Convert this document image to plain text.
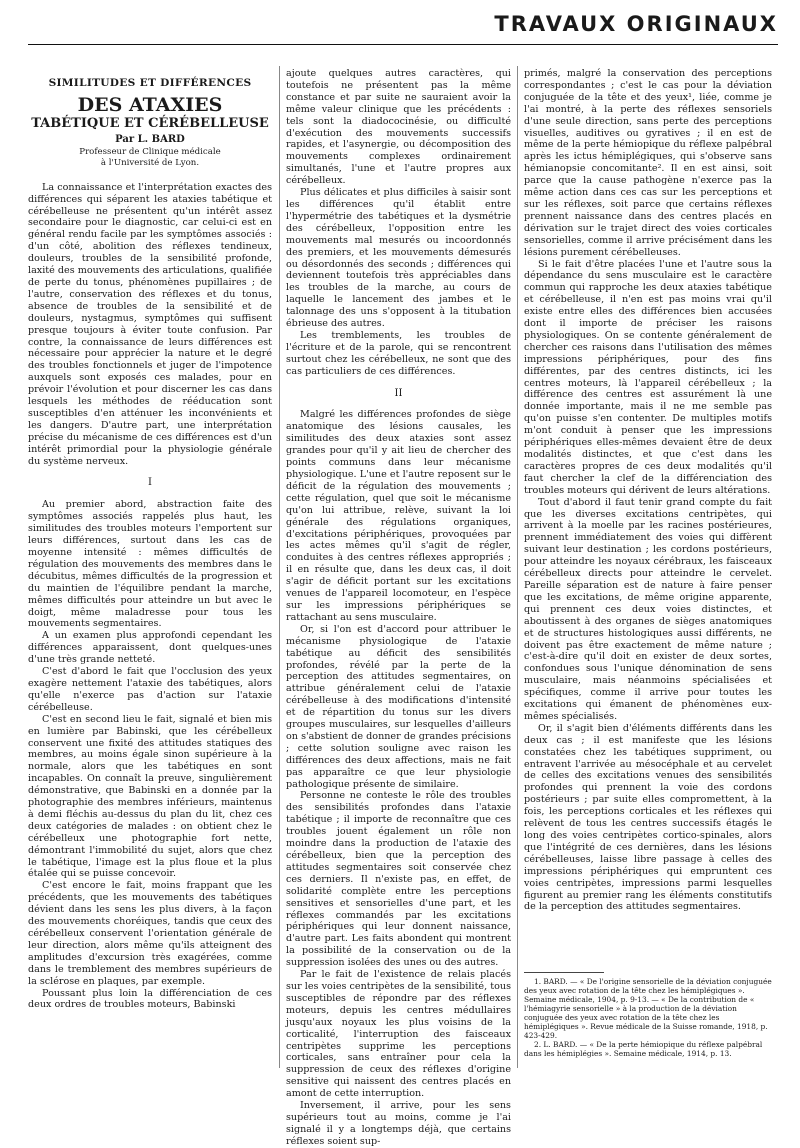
TRAVAUX ORIGINAUX
SIMILITUDES ET DIFFÉRENCES
DES ATAXIES
TABÉTIQUE ET CÉRÉBELLEUSE
Par L. BARD
Professeur de Clinique médicale
à l'Université de Lyon.

La connaissance et l'interprétation exactes des différences qui séparent les ataxies tabétique et cérébelleuse ne présentent qu'un intérêt assez secondaire pour le diagnostic, car celui-ci est en général rendu facile par les symptômes associés : d'un côté, abolition des réflexes tendineux, douleurs, troubles de la sensibilité profonde, laxité des mouvements des articulations, qualifiée de perte du tonus, phénomènes pupillaires ; de l'autre, conservation des réflexes et du tonus, absence de troubles de la sensibilité et de douleurs, nystagmus, symptômes qui suffisent presque toujours à éviter toute confusion. Par contre, la connaissance de leurs différences est nécessaire pour apprécier la nature et le degré des troubles fonctionnels et juger de l'impotence auxquels sont exposés ces malades, pour en prévoir l'évolution et pour discerner les cas dans lesquels les méthodes de rééducation sont susceptibles d'en atténuer les inconvénients et les dangers. D'autre part, une interprétation précise du mécanisme de ces différences est d'un intérêt primordial pour la physiologie générale du système nerveux.

I

Au premier abord, abstraction faite des symptômes associés rappelés plus haut, les similitudes des troubles moteurs l'emportent sur leurs différences, surtout dans les cas de moyenne intensité : mêmes difficultés de régulation des mouvements des membres dans le décubitus, mêmes difficultés de la progression et du maintien de l'équilibre pendant la marche, mêmes difficultés pour atteindre un but avec le doigt, même maladresse pour tous les mouvements segmentaires.

A un examen plus approfondi cependant les différences apparaissent, dont quelques-unes d'une très grande netteté.

C'est d'abord le fait que l'occlusion des yeux exagère nettement l'ataxie des tabétiques, alors qu'elle n'exerce pas d'action sur l'ataxie cérébelleuse.

C'est en second lieu le fait, signalé et bien mis en lumière par Babinski, que les cérébelleux conservent une fixité des attitudes statiques des membres, au moins égale sinon supérieure à la normale, alors que les tabétiques en sont incapables. On connaît la preuve, singulièrement démonstrative, que Babinski en a donnée par la photographie des membres inférieurs, maintenus à demi fléchis au-dessus du plan du lit, chez ces deux catégories de malades : on obtient chez le cérébelleux une photographie fort nette, démontrant l'immobilité du sujet, alors que chez le tabétique, l'image est la plus floue et la plus étalée qui se puisse concevoir.

C'est encore le fait, moins frappant que les précédents, que les mouvements des tabétiques dévient dans les sens les plus divers, à la façon des mouvements choréiques, tandis que ceux des cérébelleux conservent l'orientation générale de leur direction, alors même qu'ils atteignent des amplitudes d'excursion très exagérées, comme dans le tremblement des membres supérieurs de la sclérose en plaques, par exemple.

Poussant plus loin la différenciation de ces deux ordres de troubles moteurs, Babinski

ajoute quelques autres caractères, qui toutefois ne présentent pas la même constance et par suite ne sauraient avoir la même valeur clinique que les précédents : tels sont la diadococinésie, ou difficulté d'exécution des mouvements successifs rapides, et l'asynergie, ou décomposition des mouvements complexes ordinairement simultanés, l'une et l'autre propres aux cérébelleux.

Plus délicates et plus difficiles à saisir sont les différences qu'il établit entre l'hypermétrie des tabétiques et la dysmétrie des cérébelleux, l'opposition entre les mouvements mal mesurés ou incoordonnés des premiers, et les mouvements démesurés ou désordonnés des seconds ; différences qui deviennent toutefois très appréciables dans les troubles de la marche, au cours de laquelle le lancement des jambes et le talonnage des uns s'opposent à la titubation ébrieuse des autres.

Les tremblements, les troubles de l'écriture et de la parole, qui se rencontrent surtout chez les cérébelleux, ne sont que des cas particuliers de ces différences.

II

Malgré les différences profondes de siège anatomique des lésions causales, les similitudes des deux ataxies sont assez grandes pour qu'il y ait lieu de chercher des points communs dans leur mécanisme physiologique. L'une et l'autre reposent sur le déficit de la régulation des mouvements ; cette régulation, quel que soit le mécanisme qu'on lui attribue, relève, suivant la loi générale des régulations organiques, d'excitations périphériques, provoquées par les actes mêmes qu'il s'agit de régler, conduites à des centres réflexes appropriés ; il en résulte que, dans les deux cas, il doit s'agir de déficit portant sur les excitations venues de l'appareil locomoteur, en l'espèce sur les impressions périphériques se rattachant au sens musculaire.

Or, si l'on est d'accord pour attribuer le mécanisme physiologique de l'ataxie tabétique au déficit des sensibilités profondes, révélé par la perte de la perception des attitudes segmentaires, on attribue généralement celui de l'ataxie cérébelleuse à des modifications d'intensité et de répartition du tonus sur les divers groupes musculaires, sur lesquelles d'ailleurs on s'abstient de donner de grandes précisions ; cette solution souligne avec raison les différences des deux affections, mais ne fait pas apparaître ce que leur physiologie pathologique présente de similaire.

Personne ne conteste le rôle des troubles des sensibilités profondes dans l'ataxie tabétique ; il importe de reconnaître que ces troubles jouent également un rôle non moindre dans la production de l'ataxie des cérébelleux, bien que la perception des attitudes segmentaires soit conservée chez ces derniers. Il n'existe pas, en effet, de solidarité complète entre les perceptions sensitives et sensorielles d'une part, et les réflexes commandés par les excitations périphériques qui leur donnent naissance, d'autre part. Les faits abondent qui montrent la possibilité de la conservation ou de la suppression isolées des unes ou des autres.

Par le fait de l'existence de relais placés sur les voies centripètes de la sensibilité, tous susceptibles de répondre par des réflexes moteurs, depuis les centres médullaires jusqu'aux noyaux les plus voisins de la corticalité, l'interruption des faisceaux centripètes supprime les perceptions corticales, sans entraîner pour cela la suppression de ceux des réflexes d'origine sensitive qui naissent des centres placés en amont de cette interruption.

Inversement, il arrive, pour les sens supérieurs tout au moins, comme je l'ai signalé il y a longtemps déjà, que certains réflexes soient sup-

primés, malgré la conservation des perceptions correspondantes ; c'est le cas pour la déviation conjuguée de la tête et des yeux¹, liée, comme je l'ai montré, à la perte des réflexes sensoriels d'une seule direction, sans perte des perceptions visuelles, auditives ou gyratives ; il en est de même de la perte hémiopique du réflexe palpébral après les ictus hémiplégiques, qui s'observe sans hémianopsie concomitante². Il en est ainsi, soit parce que la cause pathogène n'exerce pas la même action dans ces cas sur les perceptions et sur les réflexes, soit parce que certains réflexes prennent naissance dans des centres placés en dérivation sur le trajet direct des voies corticales sensorielles, comme il arrive précisément dans les lésions purement cérébelleuses.

Si le fait d'être placées l'une et l'autre sous la dépendance du sens musculaire est le caractère commun qui rapproche les deux ataxies tabétique et cérébelleuse, il n'en est pas moins vrai qu'il existe entre elles des différences bien accusées dont il importe de préciser les raisons physiologiques. On se contente généralement de chercher ces raisons dans l'utilisation des mêmes impressions périphériques, pour des fins différentes, par des centres distincts, ici les centres moteurs, là l'appareil cérébelleux ; la différence des centres est assurément là une donnée importante, mais il ne me semble pas qu'on puisse s'en contenter. De multiples motifs m'ont conduit à penser que les impressions périphériques elles-mêmes devaient être de deux modalités distinctes, et que c'est dans les caractères propres de ces deux modalités qu'il faut chercher la clef de la différenciation des troubles moteurs qui dérivent de leurs altérations.

Tout d'abord il faut tenir grand compte du fait que les diverses excitations centripètes, qui arrivent à la moelle par les racines postérieures, prennent immédiatement des voies qui diffèrent suivant leur destination ; les cordons postérieurs, pour atteindre les noyaux cérébraux, les faisceaux cérébelleux directs pour atteindre le cervelet. Pareille séparation est de nature à faire penser que les excitations, de même origine apparente, qui prennent ces deux voies distinctes, et aboutissent à des organes de sièges anatomiques et de structures histologiques aussi différents, ne doivent pas être exactement de même nature ; c'est-à-dire qu'il doit en exister de deux sortes, confondues sous l'unique dénomination de sens musculaire, mais néanmoins spécialisées et spécifiques, comme il arrive pour toutes les excitations qui émanent de phénomènes eux-mêmes spécialisés.

Or, il s'agit bien d'éléments différents dans les deux cas ; il est manifeste que les lésions constatées chez les tabétiques suppriment, ou entravent l'arrivée au mésocéphale et au cervelet de celles des excitations venues des sensibilités profondes qui prennent la voie des cordons postérieurs ; par suite elles compromettent, à la fois, les perceptions corticales et les réflexes qui relèvent de tous les centres successifs étagés le long des voies centripètes cortico-spinales, alors que l'intégrité de ces dernières, dans les lésions cérébelleuses, laisse libre passage à celles des impressions périphériques qui empruntent ces voies centripètes, impressions parmi lesquelles figurent au premier rang les éléments constitutifs de la perception des attitudes segmentaires.

1. BARD. — « De l'origine sensorielle de la déviation conjuguée des yeux avec rotation de la tête chez les hémiplégiques ». Semaine médicale, 1904, p. 9-13. — « De la contribution de « l'hémiagyrie sensorielle » à la production de la déviation conjuguée des yeux avec rotation de la tête chez les hémiplégiques ». Revue médicale de la Suisse romande, 1918, p. 423-429.

2. L. BARD. — « De la perte hémiopique du réflexe palpébral dans les hémiplégies ». Semaine médicale, 1914, p. 13.
